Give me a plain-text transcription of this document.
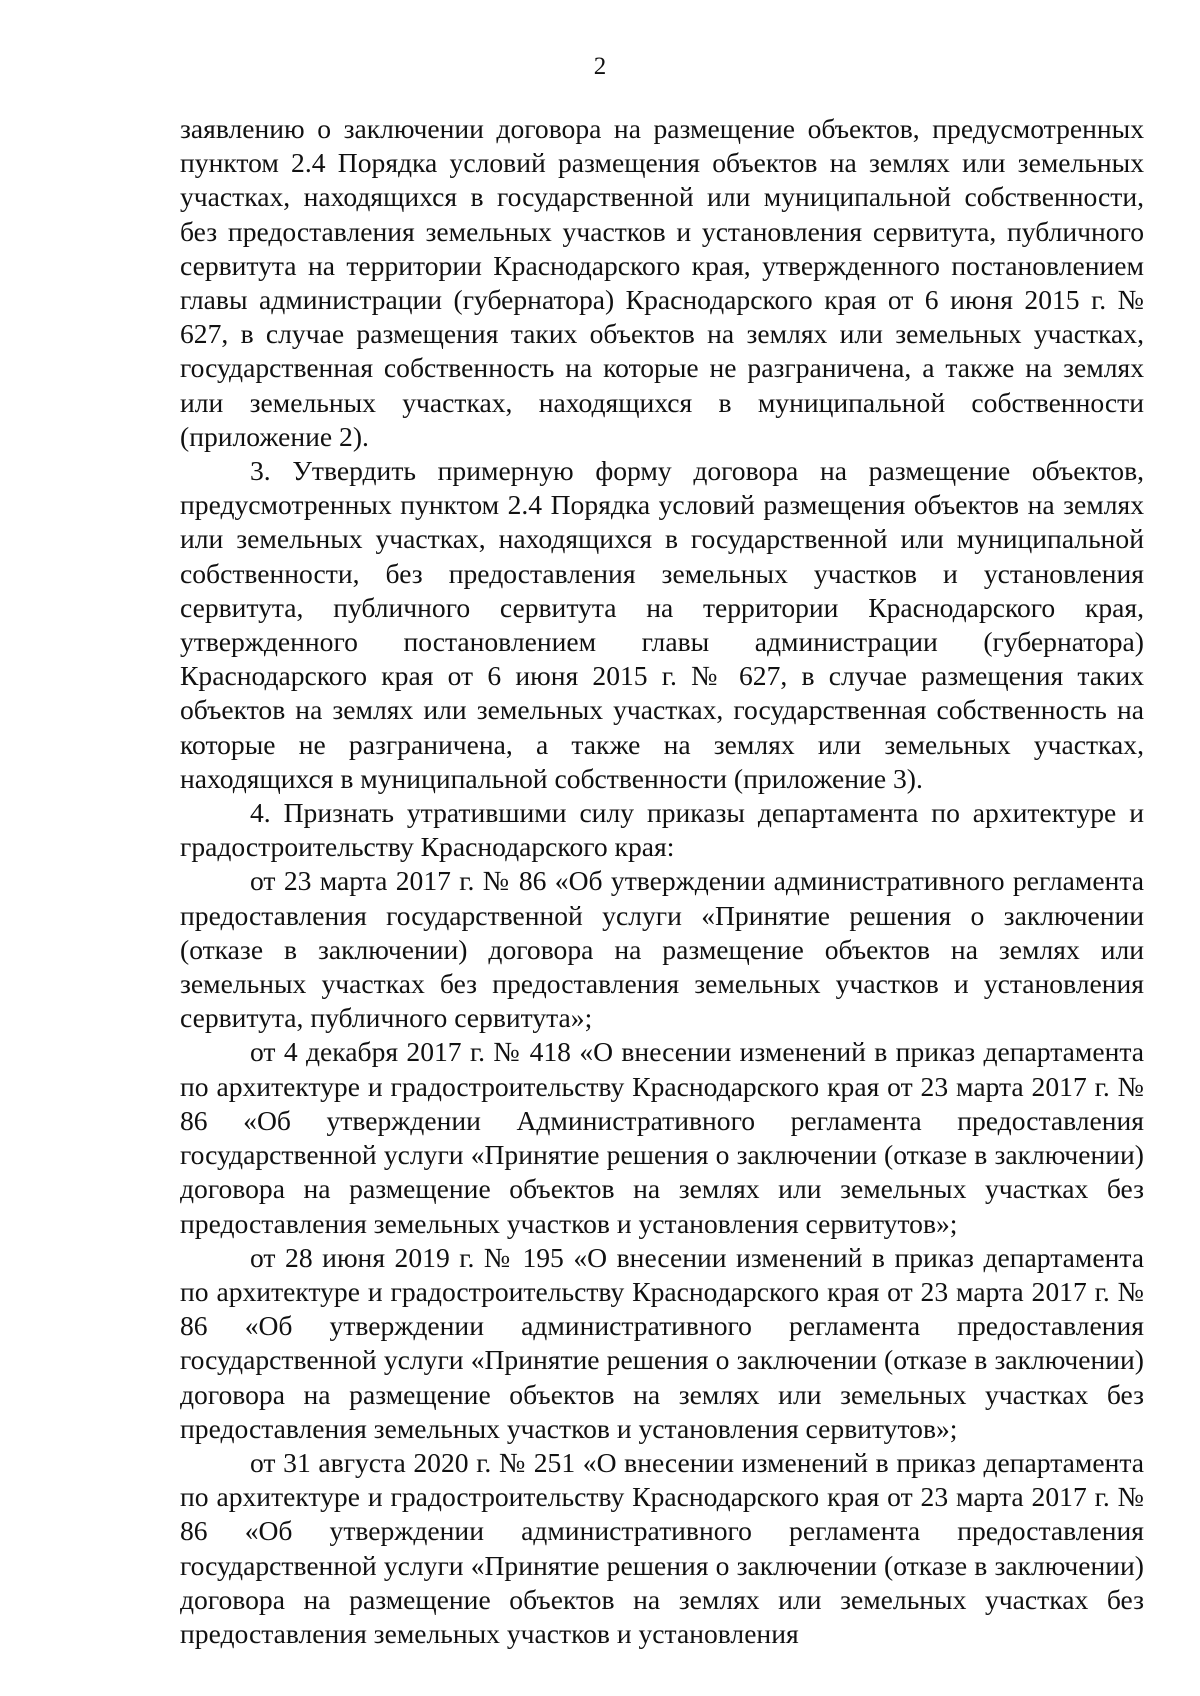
2

заявлению о заключении договора на размещение объектов, предусмотренных пунктом 2.4 Порядка условий размещения объектов на землях или земельных участках, находящихся в государственной или муниципальной собственности, без предоставления земельных участков и установления сервитута, публичного сервитута на территории Краснодарского края, утвержденного постановлением главы администрации (губернатора) Краснодарского края от 6 июня 2015 г. № 627, в случае размещения таких объектов на землях или земельных участках, государственная собственность на которые не разграничена, а также на землях или земельных участках, находящихся в муниципальной собственности (приложение 2).

3. Утвердить примерную форму договора на размещение объектов, предусмотренных пунктом 2.4 Порядка условий размещения объектов на землях или земельных участках, находящихся в государственной или муниципальной собственности, без предоставления земельных участков и установления сервитута, публичного сервитута на территории Краснодарского края, утвержденного постановлением главы администрации (губернатора) Краснодарского края от 6 июня 2015 г. № 627, в случае размещения таких объектов на землях или земельных участках, государственная собственность на которые не разграничена, а также на землях или земельных участках, находящихся в муниципальной собственности (приложение 3).

4. Признать утратившими силу приказы департамента по архитектуре и градостроительству Краснодарского края:

от 23 марта 2017 г. № 86 «Об утверждении административного регламента предоставления государственной услуги «Принятие решения о заключении (отказе в заключении) договора на размещение объектов на землях или земельных участках без предоставления земельных участков и установления сервитута, публичного сервитута»;

от 4 декабря 2017 г. № 418 «О внесении изменений в приказ департамента по архитектуре и градостроительству Краснодарского края от 23 марта 2017 г. № 86 «Об утверждении Административного регламента предоставления государственной услуги «Принятие решения о заключении (отказе в заключении) договора на размещение объектов на землях или земельных участках без предоставления земельных участков и установления сервитутов»;

от 28 июня 2019 г. № 195 «О внесении изменений в приказ департамента по архитектуре и градостроительству Краснодарского края от 23 марта 2017 г. № 86 «Об утверждении административного регламента предоставления государственной услуги «Принятие решения о заключении (отказе в заключении) договора на размещение объектов на землях или земельных участках без предоставления земельных участков и установления сервитутов»;

от 31 августа 2020 г. № 251 «О внесении изменений в приказ департамента по архитектуре и градостроительству Краснодарского края от 23 марта 2017 г. № 86 «Об утверждении административного регламента предоставления государственной услуги «Принятие решения о заключении (отказе в заключении) договора на размещение объектов на землях или земельных участках без предоставления земельных участков и установления
